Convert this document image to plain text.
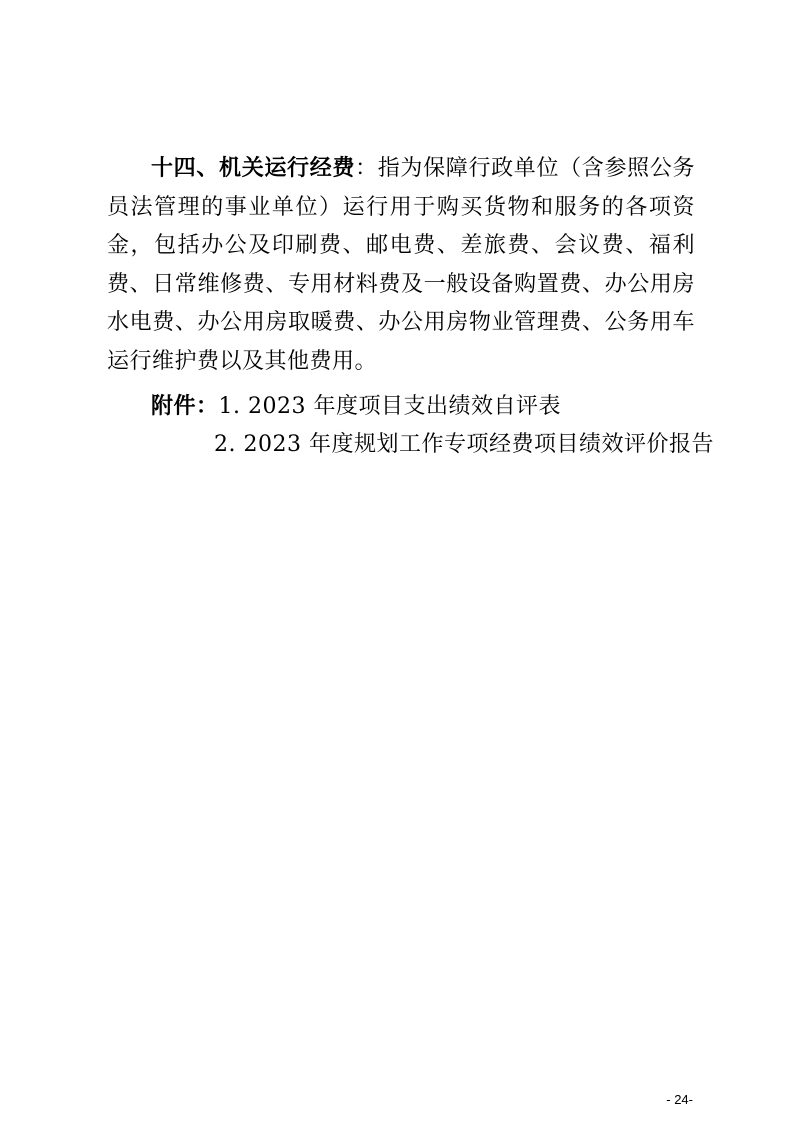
十四、机关运行经费：指为保障行政单位（含参照公务员法管理的事业单位）运行用于购买货物和服务的各项资金，包括办公及印刷费、邮电费、差旅费、会议费、福利费、日常维修费、专用材料费及一般设备购置费、办公用房水电费、办公用房取暖费、办公用房物业管理费、公务用车运行维护费以及其他费用。

附件：1. 2023 年度项目支出绩效自评表
2. 2023 年度规划工作专项经费项目绩效评价报告
- 24-
